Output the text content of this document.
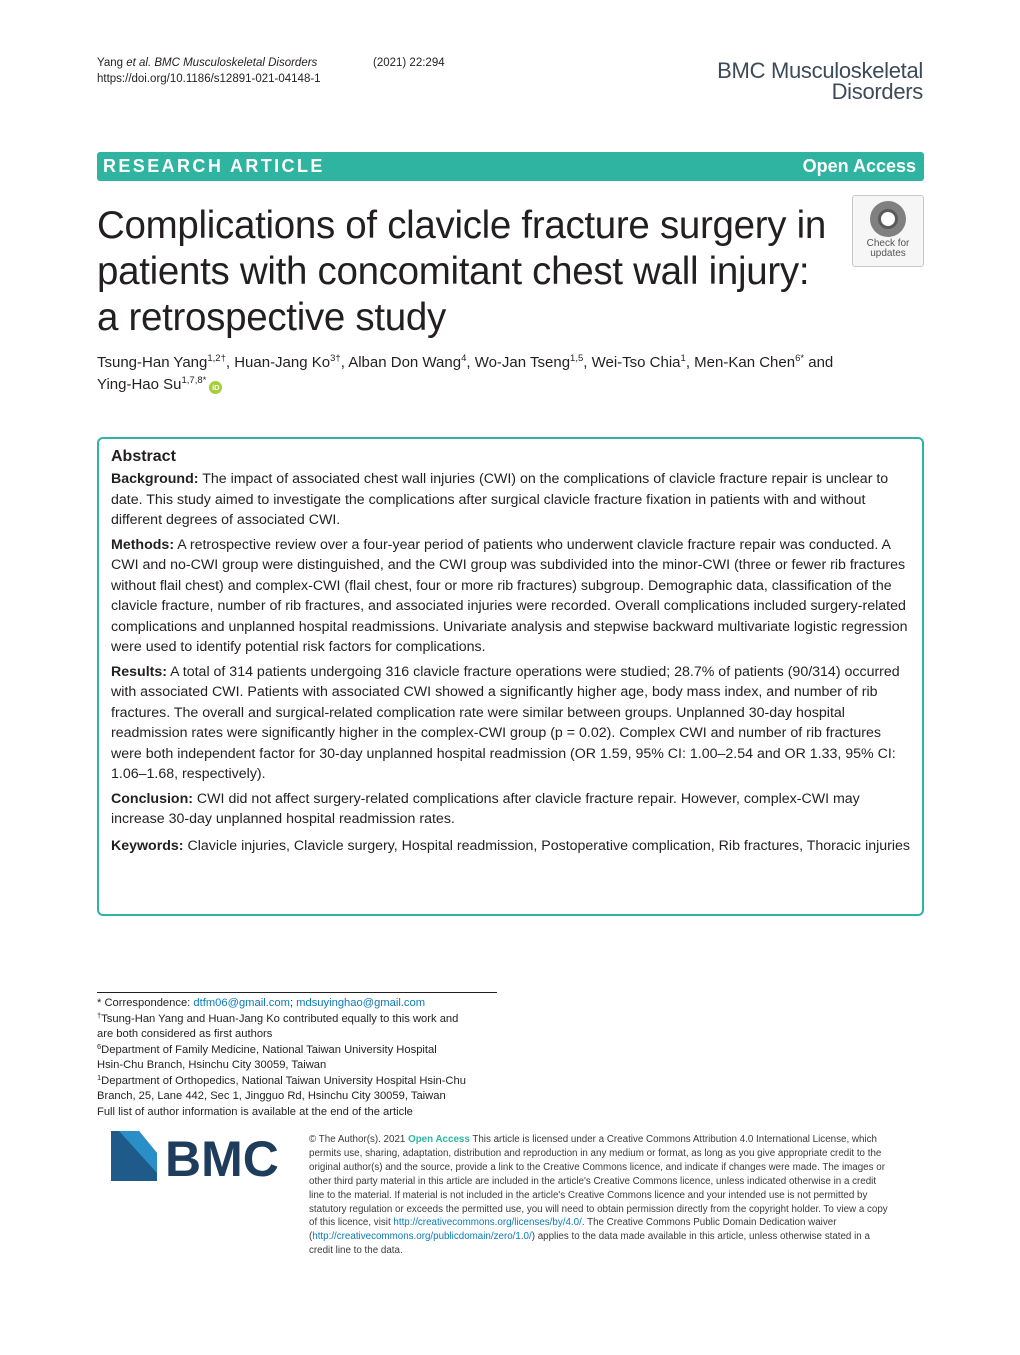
Yang et al. BMC Musculoskeletal Disorders	(2021) 22:294
https://doi.org/10.1186/s12891-021-04148-1	BMC Musculoskeletal
Disorders
RESEARCH ARTICLE	Open Access
Complications of clavicle fracture surgery in patients with concomitant chest wall injury: a retrospective study
Check for
updates
Tsung-Han Yang$^{1,2\dagger}$, Huan-Jang $Ko^{3\dagger}$, Alban Don Wang$^4$, Wo-Jan Tseng$^{1,5}$, Wei-Tso Chia$^1$, Men-Kan Chen$^{6*}$ and
Ying-Hao $Su^{1,7,8*}iD$
Abstract

Background: The impact of associated chest wall injuries (CWI) on the complications of clavicle fracture repair is unclear to date. This study aimed to investigate the complications after surgical clavicle fracture fixation in patients with and without different degrees of associated CWI.

Methods: A retrospective review over a four-year period of patients who underwent clavicle fracture repair was conducted. A CWI and no-CWI group were distinguished, and the CWI group was subdivided into the minor-CWI (three or fewer rib fractures without flail chest) and complex-CWI (flail chest, four or more rib fractures) subgroup. Demographic data, classification of the clavicle fracture, number of rib fractures, and associated injuries were recorded. Overall complications included surgery-related complications and unplanned hospital readmissions. Univariate analysis and stepwise backward multivariate logistic regression were used to identify potential risk factors for complications.

Results: A total of 314 patients undergoing 316 clavicle fracture operations were studied; 28.7% of patients (90/314) occurred with associated CWI. Patients with associated CWI showed a significantly higher age, body mass index, and number of rib fractures. The overall and surgical-related complication rate were similar between groups. Unplanned 30-day hospital readmission rates were significantly higher in the complex-CWI group (p = 0.02). Complex CWI and number of rib fractures were both independent factor for 30-day unplanned hospital readmission (OR 1.59, 95% CI: 1.00–2.54 and OR 1.33, 95% CI: 1.06–1.68, respectively).

Conclusion: CWI did not affect surgery-related complications after clavicle fracture repair. However, complex-CWI may increase 30-day unplanned hospital readmission rates.

Keywords: Clavicle injuries, Clavicle surgery, Hospital readmission, Postoperative complication, Rib fractures, Thoracic injuries

* Correspondence: dtfm06@gmail.com; mdsuyinghao@gmail.com
†Tsung-Han Yang and Huan-Jang Ko contributed equally to this work and
are both considered as first authors
$^6$Department of Family Medicine, National Taiwan University Hospital
Hsin-Chu Branch, Hsinchu City 30059, Taiwan
$^1$Department of Orthopedics, National Taiwan University Hospital Hsin-Chu
Branch, 25, Lane 442, Sec 1, Jingguo Rd, Hsinchu City 30059, Taiwan
Full list of author information is available at the end of the article
BMC	© The Author(s). 2021 Open Access This article is licensed under a Creative Commons Attribution 4.0 International License, which permits use, sharing, adaptation, distribution and reproduction in any medium or format, as long as you give appropriate credit to the original author(s) and the source, provide a link to the Creative Commons licence, and indicate if changes were made. The images or other third party material in this article are included in the article's Creative Commons licence, unless indicated otherwise in a credit line to the material. If material is not included in the article's Creative Commons licence and your intended use is not permitted by statutory regulation or exceeds the permitted use, you will need to obtain permission directly from the copyright holder. To view a copy of this licence, visit http://creativecommons.org/licenses/by/4.0/. The Creative Commons Public Domain Dedication waiver (http://creativecommons.org/publicdomain/zero/1.0/) applies to the data made available in this article, unless otherwise stated in a credit line to the data.
